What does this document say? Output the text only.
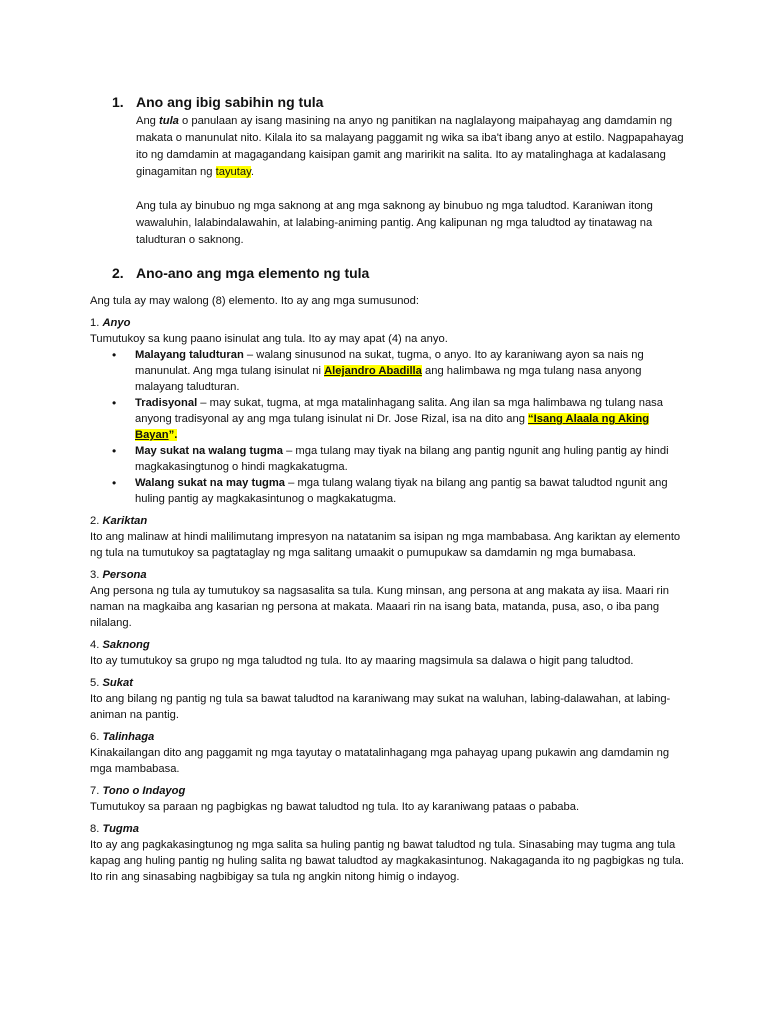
1. Ano ang ibig sabihin ng tula

Ang tula o panulaan ay isang masining na anyo ng panitikan na naglalayong maipahayag ang damdamin ng makata o manunulat nito. Kilala ito sa malayang paggamit ng wika sa iba't ibang anyo at estilo. Nagpapahayag ito ng damdamin at magagandang kaisipan gamit ang maririkit na salita. Ito ay matalinghaga at kadalasang ginagamitan ng tayutay.

Ang tula ay binubuo ng mga saknong at ang mga saknong ay binubuo ng mga taludtod. Karaniwan itong wawaluhin, lalabindalawahin, at lalabing-animing pantig. Ang kalipunan ng mga taludtod ay tinatawag na taludturan o saknong.

2. Ano-ano ang mga elemento ng tula
Ang tula ay may walong (8) elemento. Ito ay ang mga sumusunod:
1. Anyo
Tumutukoy sa kung paano isinulat ang tula. Ito ay may apat (4) na anyo.
• Malayang taludturan – walang sinusunod na sukat, tugma, o anyo. Ito ay karaniwang ayon sa nais ng manunulat. Ang mga tulang isinulat ni Alejandro Abadilla ang halimbawa ng mga tulang nasa anyong malayang taludturan.
• Tradisyonal – may sukat, tugma, at mga matalinhagang salita. Ang ilan sa mga halimbawa ng tulang nasa anyong tradisyonal ay ang mga tulang isinulat ni Dr. Jose Rizal, isa na dito ang “Isang Alaala ng Aking Bayan”.
• May sukat na walang tugma – mga tulang may tiyak na bilang ang pantig ngunit ang huling pantig ay hindi magkakasingtunog o hindi magkakatugma.
• Walang sukat na may tugma – mga tulang walang tiyak na bilang ang pantig sa bawat taludtod ngunit ang huling pantig ay magkakasintunog o magkakatugma.
2. Kariktan
Ito ang malinaw at hindi malilimutang impresyon na natatanim sa isipan ng mga mambabasa. Ang kariktan ay elemento ng tula na tumutukoy sa pagtataglay ng mga salitang umaakit o pumupukaw sa damdamin ng mga bumabasa.
3. Persona
Ang persona ng tula ay tumutukoy sa nagsasalita sa tula. Kung minsan, ang persona at ang makata ay iisa. Maari rin naman na magkaiba ang kasarian ng persona at makata. Maaari rin na isang bata, matanda, pusa, aso, o iba pang nilalang.
4. Saknong
Ito ay tumutukoy sa grupo ng mga taludtod ng tula. Ito ay maaring magsimula sa dalawa o higit pang taludtod.
5. Sukat
Ito ang bilang ng pantig ng tula sa bawat taludtod na karaniwang may sukat na waluhan, labing-dalawahan, at labing-animan na pantig.
6. Talinhaga
Kinakailangan dito ang paggamit ng mga tayutay o matatalinhagang mga pahayag upang pukawin ang damdamin ng mga mambabasa.
7. Tono o Indayog
Tumutukoy sa paraan ng pagbigkas ng bawat taludtod ng tula. Ito ay karaniwang pataas o pababa.
8. Tugma
Ito ay ang pagkakasingtunog ng mga salita sa huling pantig ng bawat taludtod ng tula. Sinasabing may tugma ang tula kapag ang huling pantig ng huling salita ng bawat taludtod ay magkakasintunog. Nakagaganda ito ng pagbigkas ng tula. Ito rin ang sinasabing nagbibigay sa tula ng angkin nitong himig o indayog.
